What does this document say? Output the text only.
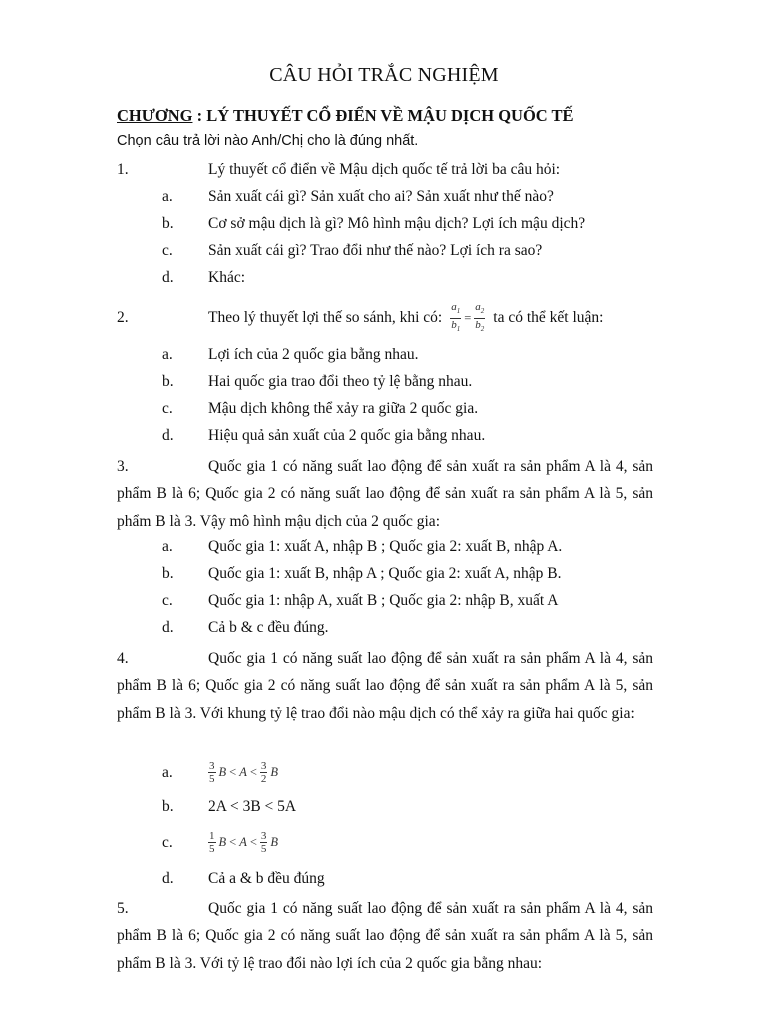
CÂU HỎI TRẮC NGHIỆM
CHƯƠNG : LÝ THUYẾT CỔ ĐIỂN VỀ MẬU DỊCH QUỐC TẾ
Chọn câu trả lời nào Anh/Chị cho là đúng nhất.
1.	Lý thuyết cổ điển về Mậu dịch quốc tế trả lời ba câu hỏi:
a. Sản xuất cái gì? Sản xuất cho ai? Sản xuất như thế nào?
b. Cơ sở mậu dịch là gì? Mô hình mậu dịch? Lợi ích mậu dịch?
c. Sản xuất cái gì? Trao đổi như thế nào? Lợi ích ra sao?
d. Khác:
2.	Theo lý thuyết lợi thế so sánh, khi có: $\frac{a_1}{b_1} = \frac{a_2}{b_2}$ ta có thể kết luận:
a. Lợi ích của 2 quốc gia bằng nhau.
b. Hai quốc gia trao đổi theo tỷ lệ bằng nhau.
c. Mậu dịch không thể xảy ra giữa 2 quốc gia.
d. Hiệu quả sản xuất của 2 quốc gia bằng nhau.
3.	Quốc gia 1 có năng suất lao động để sản xuất ra sản phẩm A là 4, sản phẩm B là 6; Quốc gia 2 có năng suất lao động để sản xuất ra sản phẩm A là 5, sản phẩm B là 3. Vậy mô hình mậu dịch của 2 quốc gia:
a. Quốc gia 1: xuất A, nhập B ; Quốc gia 2: xuất B, nhập A.
b. Quốc gia 1: xuất B, nhập A ; Quốc gia 2: xuất A, nhập B.
c. Quốc gia 1: nhập A, xuất B ; Quốc gia 2: nhập B, xuất A
d. Cả b & c đều đúng.
4.	Quốc gia 1 có năng suất lao động để sản xuất ra sản phẩm A là 4, sản phẩm B là 6; Quốc gia 2 có năng suất lao động để sản xuất ra sản phẩm A là 5, sản phẩm B là 3. Với khung tỷ lệ trao đổi nào mậu dịch có thể xảy ra giữa hai quốc gia:
a.	3
5 B < A < 3
2 B
b. 2A < 3B < 5A
c.	1
5 B < A < 3
5 B
d. Cả a & b đều đúng
5.	Quốc gia 1 có năng suất lao động để sản xuất ra sản phẩm A là 4, sản phẩm B là 6; Quốc gia 2 có năng suất lao động để sản xuất ra sản phẩm A là 5, sản phẩm B là 3. Với tỷ lệ trao đổi nào lợi ích của 2 quốc gia bằng nhau:
